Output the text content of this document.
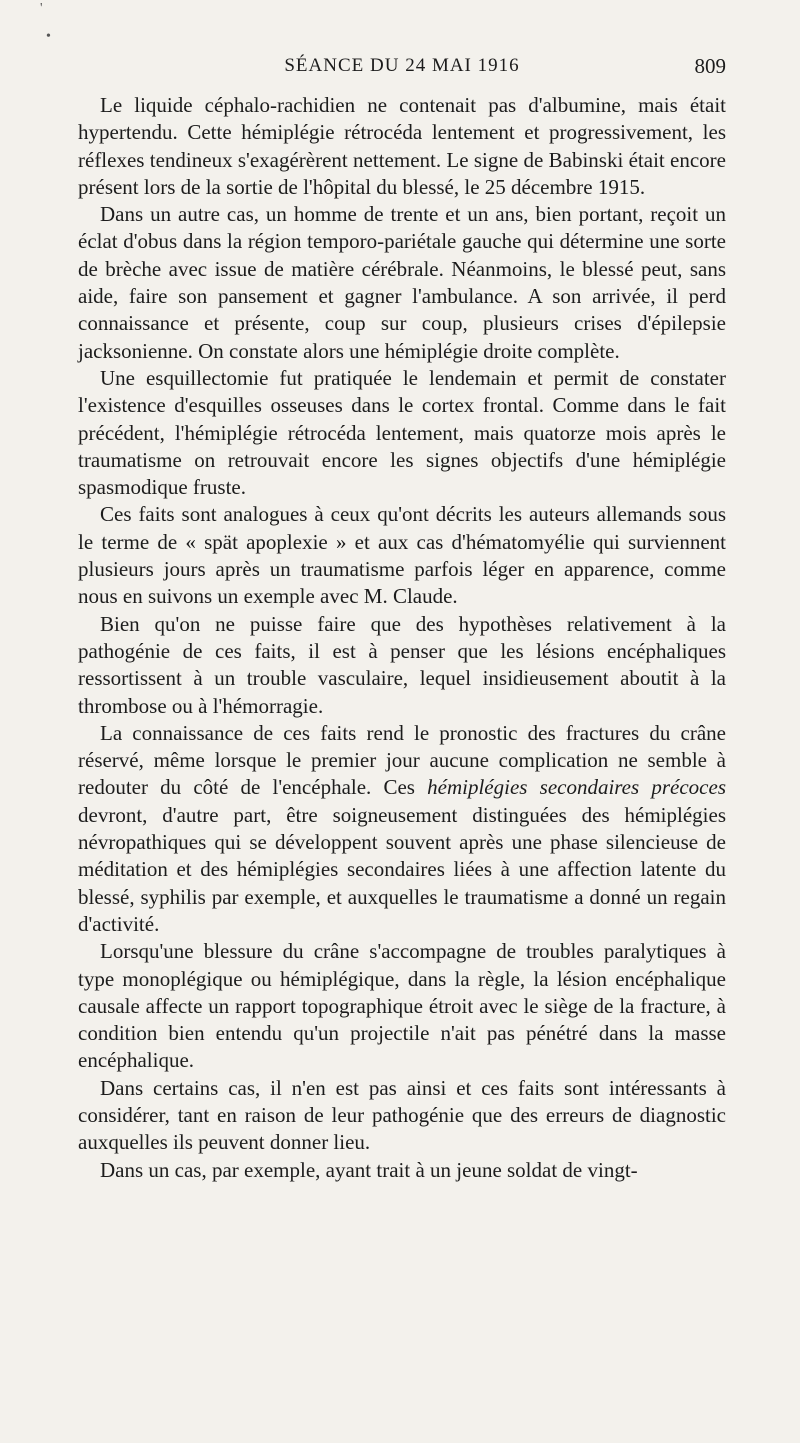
'
•
SÉANCE DU 24 MAI 1916	809

Le liquide céphalo-rachidien ne contenait pas d'albumine, mais était hypertendu. Cette hémiplégie rétrocéda lentement et progressivement, les réflexes tendineux s'exagérèrent nettement. Le signe de Babinski était encore présent lors de la sortie de l'hôpital du blessé, le 25 décembre 1915.

Dans un autre cas, un homme de trente et un ans, bien portant, reçoit un éclat d'obus dans la région temporo-pariétale gauche qui détermine une sorte de brèche avec issue de matière cérébrale. Néanmoins, le blessé peut, sans aide, faire son pansement et gagner l'ambulance. A son arrivée, il perd connaissance et présente, coup sur coup, plusieurs crises d'épilepsie jacksonienne. On constate alors une hémiplégie droite complète.

Une esquillectomie fut pratiquée le lendemain et permit de constater l'existence d'esquilles osseuses dans le cortex frontal. Comme dans le fait précédent, l'hémiplégie rétrocéda lentement, mais quatorze mois après le traumatisme on retrouvait encore les signes objectifs d'une hémiplégie spasmodique fruste.

Ces faits sont analogues à ceux qu'ont décrits les auteurs allemands sous le terme de « spät apoplexie » et aux cas d'hématomyélie qui surviennent plusieurs jours après un traumatisme parfois léger en apparence, comme nous en suivons un exemple avec M. Claude.

Bien qu'on ne puisse faire que des hypothèses relativement à la pathogénie de ces faits, il est à penser que les lésions encéphaliques ressortissent à un trouble vasculaire, lequel insidieusement aboutit à la thrombose ou à l'hémorragie.

La connaissance de ces faits rend le pronostic des fractures du crâne réservé, même lorsque le premier jour aucune complication ne semble à redouter du côté de l'encéphale. Ces hémiplégies secondaires précoces devront, d'autre part, être soigneusement distinguées des hémiplégies névropathiques qui se développent souvent après une phase silencieuse de méditation et des hémiplégies secondaires liées à une affection latente du blessé, syphilis par exemple, et auxquelles le traumatisme a donné un regain d'activité.

Lorsqu'une blessure du crâne s'accompagne de troubles paralytiques à type monoplégique ou hémiplégique, dans la règle, la lésion encéphalique causale affecte un rapport topographique étroit avec le siège de la fracture, à condition bien entendu qu'un projectile n'ait pas pénétré dans la masse encéphalique.

Dans certains cas, il n'en est pas ainsi et ces faits sont intéressants à considérer, tant en raison de leur pathogénie que des erreurs de diagnostic auxquelles ils peuvent donner lieu.

Dans un cas, par exemple, ayant trait à un jeune soldat de vingt-
